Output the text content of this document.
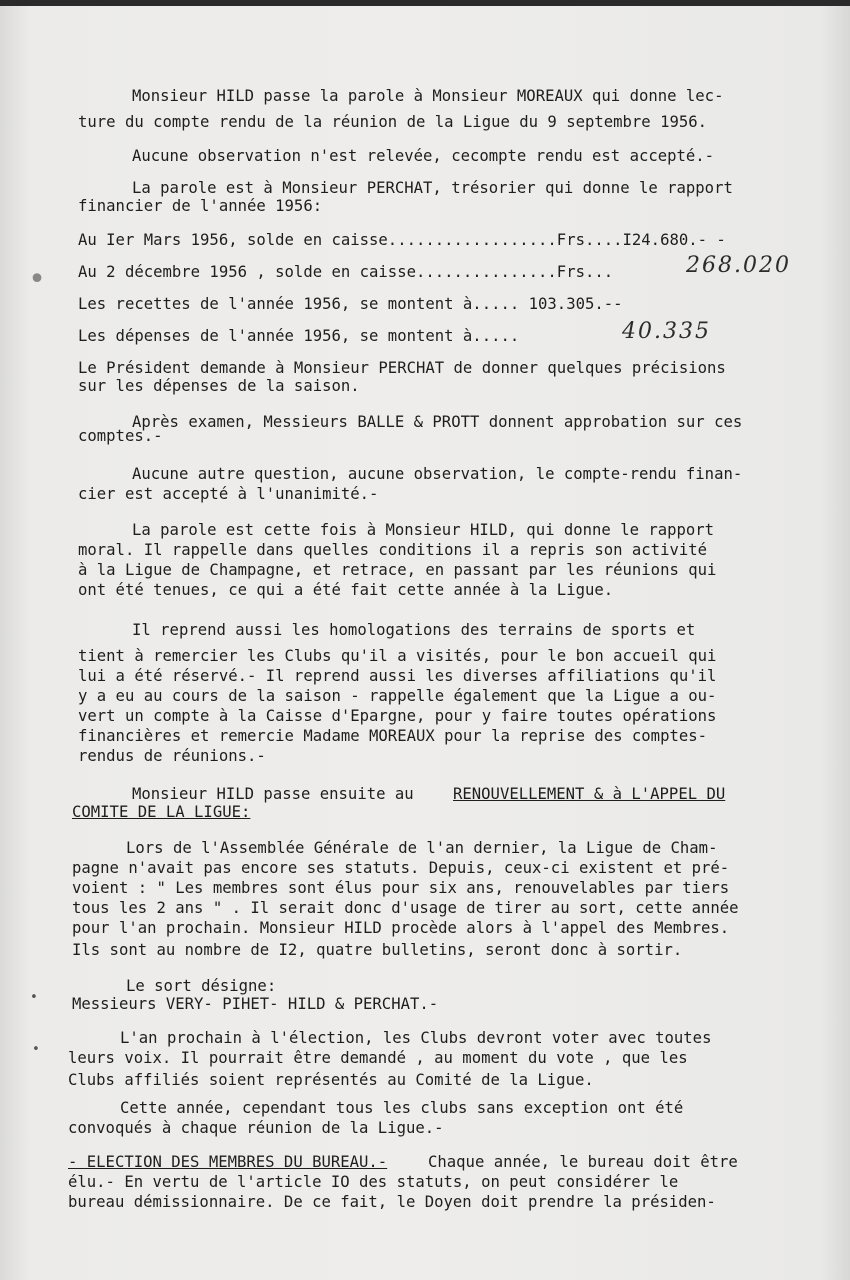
•
•
•
Monsieur HILD passe la parole à Monsieur MOREAUX qui donne lec-
ture du compte rendu de la réunion de la Ligue du 9 septembre 1956.
Aucune observation n'est relevée, cecompte rendu est accepté.-
La parole est à Monsieur PERCHAT, trésorier qui donne le rapport
financier de l'année 1956:
Au Ier Mars 1956, solde en caisse..................Frs....I24.680.- -
Au 2 décembre 1956 , solde en caisse...............Frs...	268.020
Les recettes de l'année 1956, se montent à..... 103.305.--
Les dépenses de l'année 1956, se montent à.....	40.335
Le Président demande à Monsieur PERCHAT de donner quelques précisions
sur les dépenses de la saison.
Après examen, Messieurs BALLE & PROTT donnent approbation sur ces
comptes.-
Aucune autre question, aucune observation, le compte-rendu finan-
cier est accepté à l'unanimité.-
La parole est cette fois à Monsieur HILD, qui donne le rapport
moral. Il rappelle dans quelles conditions il a repris son activité
à la Ligue de Champagne, et retrace, en passant par les réunions qui
ont été tenues, ce qui a été fait cette année à la Ligue.
Il reprend aussi les homologations des terrains de sports et
tient à remercier les Clubs qu'il a visités, pour le bon accueil qui
lui a été réservé.- Il reprend aussi les diverses affiliations qu'il
y a eu au cours de la saison - rappelle également que la Ligue a ou-
vert un compte à la Caisse d'Epargne, pour y faire toutes opérations
financières et remercie Madame MOREAUX pour la reprise des comptes-
rendus de réunions.-
Monsieur HILD passe ensuite au	RENOUVELLEMENT & à L'APPEL DU
COMITE DE LA LIGUE:
Lors de l'Assemblée Générale de l'an dernier, la Ligue de Cham-
pagne n'avait pas encore ses statuts. Depuis, ceux-ci existent et pré-
voient : " Les membres sont élus pour six ans, renouvelables par tiers
tous les 2 ans " . Il serait donc d'usage de tirer au sort, cette année
pour l'an prochain. Monsieur HILD procède alors à l'appel des Membres.
Ils sont au nombre de I2, quatre bulletins, seront donc à sortir.
Le sort désigne:
Messieurs VERY- PIHET- HILD & PERCHAT.-
L'an prochain à l'élection, les Clubs devront voter avec toutes
leurs voix. Il pourrait être demandé , au moment du vote , que les
Clubs affiliés soient représentés au Comité de la Ligue.
Cette année, cependant tous les clubs sans exception ont été
convoqués à chaque réunion de la Ligue.-
- ELECTION DES MEMBRES DU BUREAU.-	Chaque année, le bureau doit être
élu.- En vertu de l'article IO des statuts, on peut considérer le
bureau démissionnaire. De ce fait, le Doyen doit prendre la présiden-
